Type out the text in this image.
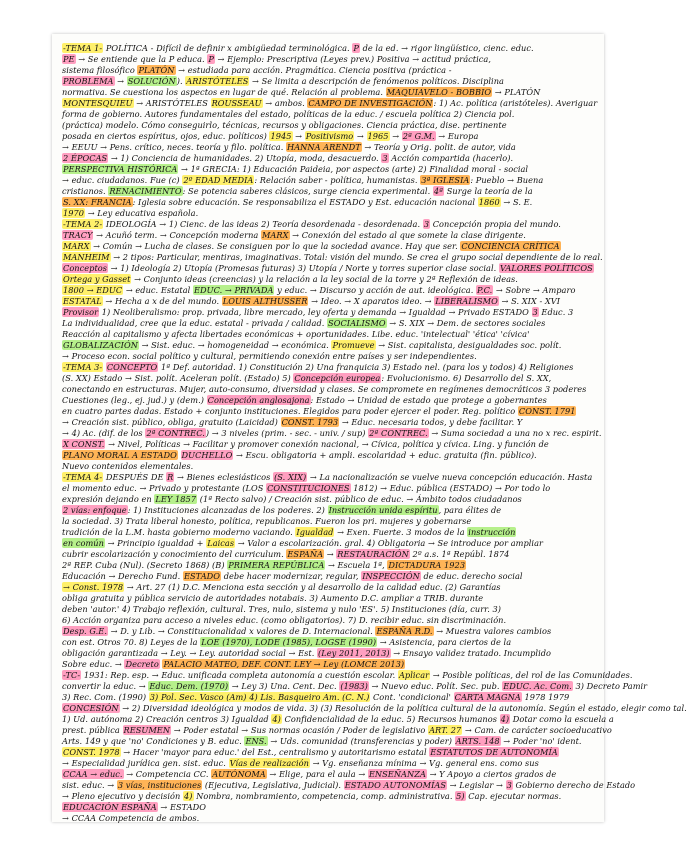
-TEMA 1- POLÍTICA - Difícil de definir x ambigüedad terminológica. P de la ed. → rigor lingüístico, cienc. educ.
PE → Se entiende que la P educa. P → Ejemplo: Prescriptiva (Leyes prev.) Positiva → actitud práctica,
sistema filosófico PLATÓN → estudiada para acción. Pragmática. Ciencia positiva (práctica -
PROBLEMA → SOLUCIÓN). ARISTÓTELES → Se limita a descripción de fenómenos políticos. Disciplina
normativa. Se cuestiona los aspectos en lugar de qué. Relación al problema. MAQUIAVELO - BOBBIO → PLATÓN
MONTESQUIEU → ARISTÓTELES ROUSSEAU → ambos. CAMPO DE INVESTIGACIÓN: 1) Ac. política (aristóteles). Averiguar
forma de gobierno. Autores fundamentales del estado, políticas de la educ. / escuela política 2) Ciencia pol.
(práctica) modelo. Cómo conseguirlo, técnicas, recursos y obligaciones. Ciencia práctica, dise. pertinente
posada en ciertos espíritus, ojos, educ. políticos) 1945 → Positivismo → 1965 → 2ª G.M. → Europa
→ EEUU → Pens. crítico, neces. teoría y filo. política. HANNA ARENDT → Teoría y Orig. polit. de autor, vida
2 ÉPOCAS → 1) Conciencia de humanidades. 2) Utopía, moda, desacuerdo. 3 Acción compartida (hacerlo).
PERSPECTIVA HISTÓRICA → 1ª GRECIA: 1) Educación Paideia, por aspectos (arte) 2) Finalidad moral - social
→ educ. ciudadanos. Fue (c) 2º EDAD MEDIA: Relación saber - política, humanistas. 3ª IGLESIA: Pueblo → Buena
cristianos. RENACIMIENTO: Se potencia saberes clásicos, surge ciencia experimental. 4ª Surge la teoría de la
S. XX: FRANCIA: Iglesia sobre educación. Se responsabiliza el ESTADO y Est. educación nacional 1860 → S. E.
1970 → Ley educativa española.
-TEMA 2- IDEOLOGÍA → 1) Cienc. de las ideas 2) Teoría desordenada - desordenada. 3 Concepción propia del mundo.
TRACY → Acuñó term. → Concepción moderna MARX → Conexión del estado al que somete la clase dirigente.
MARX → Común → Lucha de clases. Se consiguen por lo que la sociedad avance. Hay que ser. CONCIENCIA CRÍTICA
MANHEIM → 2 tipos: Particular, mentiras, imaginativas. Total: visión del mundo. Se crea el grupo social dependiente de lo real.
Conceptos → 1) Ideología 2) Utopía (Promesas futuras) 3) Utopía / Norte y torres superior clase social. VALORES POLÍTICOS
Ortega y Gasset → Conjunto ideas (creencias) y la relación a la ley social de la torre y 2ª Reflexión de ideas.
1800 → EDUC → educ. Estatal EDUC. → PRIVADA y educ. → Discurso y acción de aut. ideológica. P.C. → Sobre → Amparo
ESTATAL → Hecha a x de del mundo. LOUIS ALTHUSSER → Ideo. → X aparatos ideo. → LIBERALISMO → S. XIX - XVI
Provisor 1) Neoliberalismo: prop. privada, libre mercado, ley oferta y demanda → Igualdad → Privado ESTADO 3 Educ. 3
La individualidad, cree que la educ. estatal - privada / calidad. SOCIALISMO → S. XIX → Dem. de sectores sociales
Reacción al capitalismo y afecta libertades económicas + oportunidades. Libe. educ. 'intelectual' 'ética' 'cívica'
GLOBALIZACIÓN → Sist. educ. → homogeneidad → económica. Promueve → Sist. capitalista, desigualdades soc. polít.
→ Proceso econ. social político y cultural, permitiendo conexión entre países y ser independientes.
-TEMA 3- CONCEPTO 1ª Def. autoridad. 1) Constitución 2) Una franquicia 3) Estado nel. (para los y todos) 4) Religiones
(S. XX) Estado → Sist. polít. Aceleran polít. (Estado) 5) Concepción europea: Evolucionismo. 6) Desarrollo del S. XX,
conectando en estructuras. Mujer, auto-consumo, diversidad y clases. Se compromete en regímenes democráticos 3 poderes
Cuestiones (leg., ej. jud.) y (dem.) Concepción anglosajona: Estado → Unidad de estado que protege a gobernantes
en cuatro partes dadas. Estado + conjunto instituciones. Elegidos para poder ejercer el poder. Reg. político CONST. 1791
→ Creación sist. público, obliga, gratuito (Laicidad) CONST. 1793 → Educ. necesaria todos, y debe facilitar. Y
→ 4) Ac. (dif. de los 2ª CONTREC.) → 3 niveles (prim. - sec. - univ. / sup) 2ª CONTREC. → Suma sociedad a una no x rec. espirit.
X CONST. → Nivel, Políticas → Facilitar y promover conexión nacional, → Cívica, política y cívica. Ling. y función de
PLANO MORAL A ESTADO DUCHELLO → Escu. obligatoria + ampli. escolaridad + educ. gratuita (fin. público).
Nuevo contenidos elementales.
-TEMA 4- DESPUÉS DE R → Bienes eclesiásticos (S. XIX) → La nacionalización se vuelve nueva concepción educación. Hasta
el momento educ. → Privado y protestante (LOS CONSTITUCIONES 1812) → Educ. pública (ESTADO) → Por todo lo
expresión dejando en LEY 1857 (1ª Recto salvo) / Creación sist. público de educ. → Ámbito todos ciudadanos
2 vías: enfoque: 1) Instituciones alcanzadas de los poderes. 2) Instrucción unida espíritu, para élites de
la sociedad. 3) Trata liberal honesto, política, republicanos. Fueron los pri. mujeres y gobernarse
tradición de la L.M. hasta gobierno moderno vaciando. Igualdad → Exen. Fuerte. 3 modos de la instrucción
en común → Principio igualdad + Laicas → Valor a escolarización. gral. 4) Obligatoria → Se introduce por ampliar
cubrir escolarización y conocimiento del curriculum. ESPAÑA → RESTAURACIÓN 2º a.s. 1ª Repúbl. 1874
2ª REP. Cuba (Nul). (Secreto 1868) (B) PRIMERA REPÚBLICA → Escuela 1ª, DICTADURA 1923
Educación → Derecho Fund. ESTADO debe hacer modernizar, regular, INSPECCIÓN de educ. derecho social
→ Const. 1978 → Art. 27 (1) D.C. Menciona esta sección y al desarrollo de la calidad educ. (2) Garantías
obliga gratuita y pública servicio de autoridades notabais. 3) Aumento D.C. ampliar a TRIB. durante
deben 'autor.' 4) Trabajo reflexión, cultural. Tres, nulo, sistema y nulo 'ES'. 5) Instituciones (día, curr. 3)
6) Acción organiza para acceso a niveles educ. (como obligatorios). 7) D. recibir educ. sin discriminación.
Desp. G.E. → D. y Lib. → Constitucionalidad x valores de D. Internacional. ESPAÑA R.D. → Muestra valores cambios
con est. Otros 70. 8) Leyes de la LOE (1970), LODE (1985), LOGSE (1990) → Asistencia, para ciertos de la
obligación garantizada → Ley. → Ley. autoridad social → Est. (Ley 2011, 2013) → Ensayo validez tratado. Incumplido
Sobre educ. → Decreto PALACIO MATEO, DEF. CONT. LEY → Ley (LOMCE 2013)
-TC- 1931: Rep. esp. → Educ. unificada completa autonomía a cuestión escolar. Aplicar → Posible políticas, del rol de las Comunidades.
convertir la educ. → Educ. Dem. (1970) → Ley 3) Una. Cent. Dec. (1983) → Nuevo educ. Polít. Sec. pub. EDUC. Ac. Com. 3) Decreto Pamir
3) Rec. Com. (1990) 3) Pol. Sec. Vasco (Am) 4) Lis. Basqueiro Am. (C. N.) Cont. 'condicional' CARTA MAGNA 1978 1979
CONCESIÓN → 2) Diversidad ideológica y modos de vida. 3) (3) Resolución de la política cultural de la autonomía. Según el estado, elegir como tal.
1) Ud. autónoma 2) Creación centros 3) Igualdad 4) Confidencialidad de la educ. 5) Recursos humanos 4) Dotar como la escuela a
prest. pública RESUMEN → Poder estatal → Sus normas ocasión / Poder de legislativo ART. 27 → Cam. de carácter socioeducativo
Arts. 149 y que 'no' Condiciones y B. educ. ENS. → Uds. comunidad (transferencias y poder) ARTS. 148 → Poder 'no' ident.
CONST. 1978 → Hacer 'mayor para educ.' del Est., centralismo y autoritarismo estatal ESTATUTOS DE AUTONOMÍA
→ Especialidad jurídica gen. sist. educ. Vías de realización → Vg. enseñanza mínima → Vg. general ens. como sus
CCAA → educ. → Competencia CC. AUTÓNOMA → Elige, para el aula → ENSEÑANZA → Y Apoyo a ciertos grados de
sist. educ. → 3 vías, instituciones (Ejecutiva, Legislativa, Judicial). ESTADO AUTONOMÍAS → Legislar → 3 Gobierno derecho de Estado
→ Pleno ejecutivo y decisión 4) Nombra, nombramiento, competencia, comp. administrativa. 5) Cap. ejecutar normas.
EDUCACIÓN ESPAÑA → ESTADO
→ CCAA Competencia de ambos.
